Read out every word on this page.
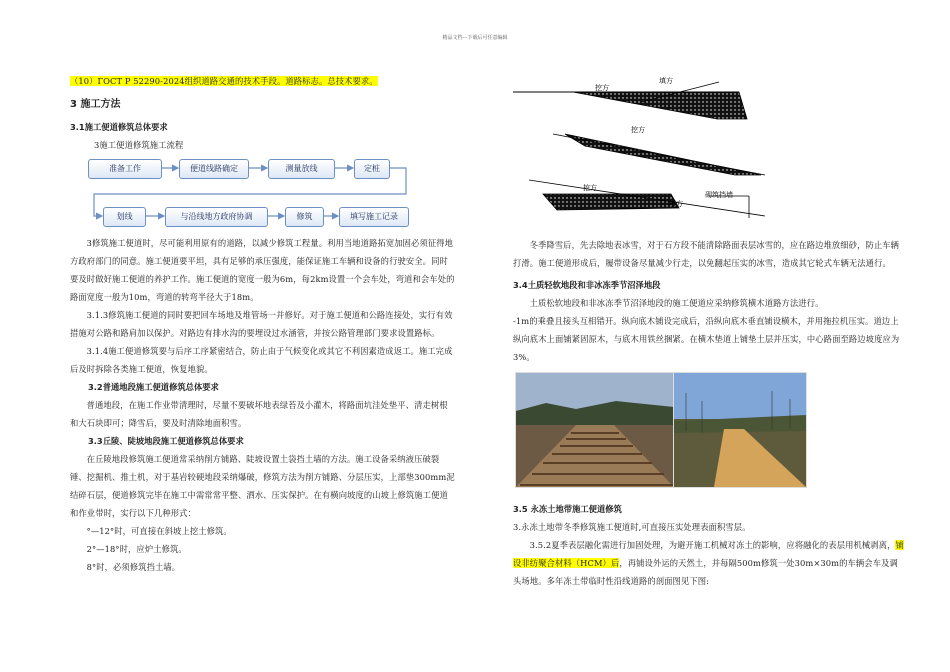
精品文档---下载后可任意编辑

（10）ГОСТ Р 52290-2024组织道路交通的技术手段。道路标志。总技术要求。

3 施工方法
3.1施工便道修筑总体要求

3施工便道修筑施工流程

准备工作	便道线路确定	测量放线	定桩
划线	与沿线地方政府协调	修筑	填写施工记录

3修筑施工便道时，尽可能利用原有的道路，以减少修筑工程量。利用当地道路拓宽加固必须征得地方政府部门的同意。施工便道要平坦，具有足够的承压强度，能保证施工车辆和设备的行驶安全。同时要及时做好施工便道的养护工作。施工便道的宽度一般为6m，每2km设置一个会车处，弯道和会车处的路面宽度一般为10m，弯道的转弯半径大于18m。

3.1.3修筑施工便道的同时要把回车场地及堆管场一并修好。对于施工便道和公路连接处，实行有效措施对公路和路肩加以保护。对路边有排水沟的要埋设过水涵管，并按公路管理部门要求设置路标。

3.1.4施工便道修筑要与后序工序紧密结合，防止由于气候变化或其它不利因素造成返工。施工完成后及时拆除各类施工便道，恢复地貌。

3.2普通地段施工便道修筑总体要求

普通地段，在施工作业带清理时，尽量不要破坏地表绿苔及小灌木，将路面坑洼处垫平、清走树根和大石块即可；降雪后，要及时清除地面积雪。

3.3丘陵、陡坡地段施工便道修筑总体要求

在丘陵地段修筑施工便道常采纳削方铺路、陡坡设置土袋挡土墙的方法。施工设备采纳液压破裂锤、挖掘机、推土机，对于基岩较硬地段采纳爆破，修筑方法为削方铺路、分层压实，上部垫300mm泥结碎石层，便道修筑完毕在施工中需常常平整、洒水、压实保护。在有横向坡度的山坡上修筑施工便道和作业带时，实行以下几种形式：

°—12°时，可直接在斜坡上挖土修筑。

2°—18°时，应炉土修筑。

8°时，必须修筑挡土墙。

填方
挖方
挖方
挖方
填方
砌筑挡墙

冬季降雪后，先去除地表冰雪，对于石方段不能清除路面表层冰雪的，应在路边堆放细砂，防止车辆打滑。施工便道形成后，履带设备尽量减少行走，以免翻起压实的冰雪，造成其它轮式车辆无法通行。

3.4土质轻软地段和非冰冻季节沼泽地段

土质松软地段和非冰冻季节沼泽地段的施工便道应采纳修筑横木道路方法进行。

-1m的乘叠且接头互相错开。纵向底木铺设完成后，沿纵向底木垂直铺设横木，并用拖拉机压实。道边上纵向底木上面铺紧固原木，与底木用铁丝捆紧。在横木垫道上铺垫土层并压实，中心路面至路边坡度应为3%。

3.5 永冻土地带施工便道修筑

3.永冻土地带冬季修筑施工便道时,可直接压实处理表面积雪层。

3.5.2夏季表层融化需进行加固处理，为避开施工机械对冻土的影响，应将融化的表层用机械剥离，铺设非纺聚合材料（HCM）后，再铺设外运的天然土，并每隔500m修筑一处30m×30m的车辆会车及调头场地。多年冻土带临时性沿线道路的剖面图见下图:
